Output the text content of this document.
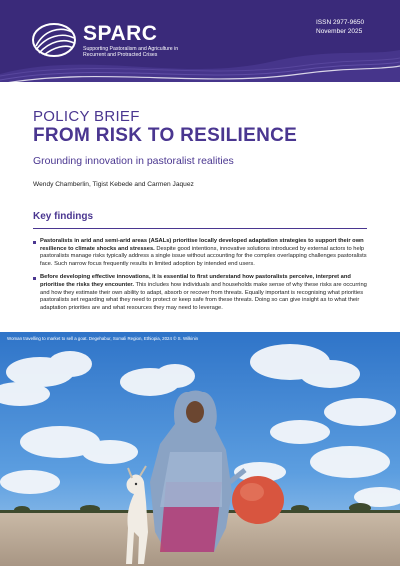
SPARC
Supporting Pastoralism and Agriculture in Recurrent and Protracted Crises
ISSN 2977-9650
November 2025
POLICY BRIEF
FROM RISK TO RESILIENCE
Grounding innovation in pastoralist realities
Wendy Chamberlin, Tigist Kebede and Carmen Jaquez
Key findings
Pastoralists in arid and semi-arid areas (ASALs) prioritise locally developed adaptation strategies to support their own resilience to climate shocks and stresses. Despite good intentions, innovative solutions introduced by external actors to help pastoralists manage risks typically address a single issue without accounting for the complex overlapping challenges pastoralists face. Such narrow focus frequently results in limited adoption by intended end users.
Before developing effective innovations, it is essential to first understand how pastoralists perceive, interpret and prioritise the risks they encounter. This includes how individuals and households make sense of why these risks are occurring and how they estimate their own ability to adapt, absorb or recover from threats. Equally important is recognising what priorities pastoralists set regarding what they need to protect or keep safe from these threats. Doing so can give insight as to what their adaptation priorities are and what resources they may need to leverage.
Woman travelling to market to sell a goat. Degehabur, Somali Region, Ethiopia, 2024 © S. Wilkinin
